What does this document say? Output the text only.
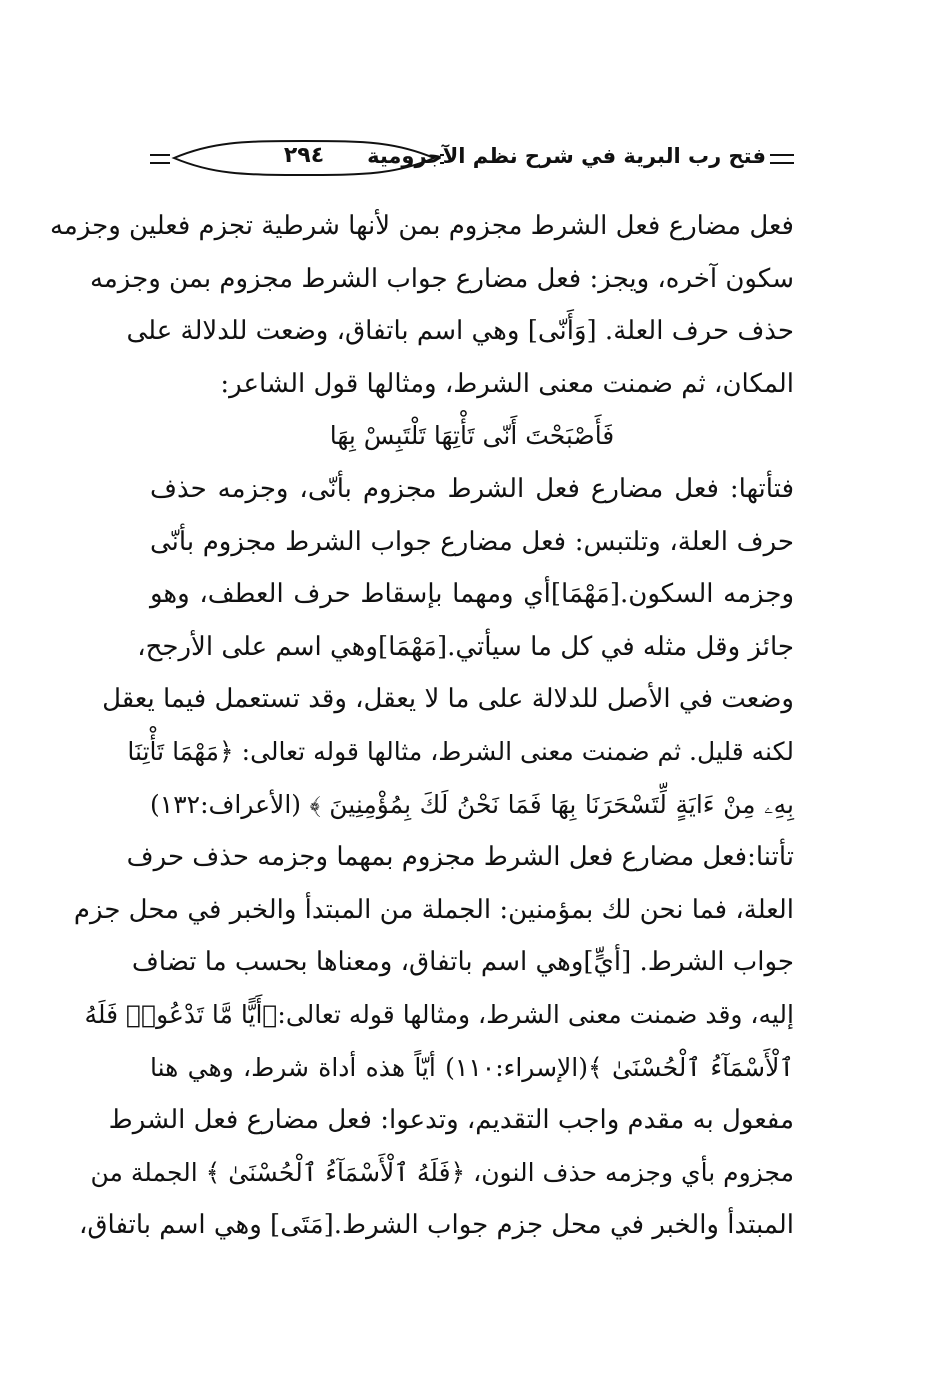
فتح رب البرية في شرح نظم الآجرومية
٢٩٤
فعل مضارع فعل الشرط مجزوم بمن لأنها شرطية تجزم فعلين وجزمه
سكون آخره، ويجز: فعل مضارع جواب الشرط مجزوم بمن وجزمه
حذف حرف العلة. [وَأَنّى] وهي اسم باتفاق، وضعت للدلالة على
المكان، ثم ضمنت معنى الشرط، ومثالها قول الشاعر:
فَأَصْبَحْتَ أَنّى تَأْتِهَا تَلْتَبِسْ بِهَا
فتأتها: فعل مضارع فعل الشرط مجزوم بأنّى، وجزمه حذف
حرف العلة، وتلتبس: فعل مضارع جواب الشرط مجزوم بأنّى
وجزمه السكون.[مَهْمَا]أي ومهما بإسقاط حرف العطف، وهو
جائز وقل مثله في كل ما سيأتي.[مَهْمَا]وهي اسم على الأرجح،
وضعت في الأصل للدلالة على ما لا يعقل، وقد تستعمل فيما يعقل
لكنه قليل. ثم ضمنت معنى الشرط، مثالها قوله تعالى: ﴿مَهْمَا تَأْتِنَا
بِهِۦ مِنْ ءَايَةٍ لِّتَسْحَرَنَا بِهَا فَمَا نَحْنُ لَكَ بِمُؤْمِنِينَ ﴾ (الأعراف:١٣٢)
تأتنا:فعل مضارع فعل الشرط مجزوم بمهما وجزمه حذف حرف
العلة، فما نحن لك بمؤمنين: الجملة من المبتدأ والخبر في محل جزم
جواب الشرط. [أيٍّ]وهي اسم باتفاق، ومعناها بحسب ما تضاف
إليه، وقد ضمنت معنى الشرط، ومثالها قوله تعالى:﴿أَيًّا مَّا تَدْعُوا۟ فَلَهُ
ٱلْأَسْمَآءُ ٱلْحُسْنَىٰ ﴾(الإسراء:١١٠) أيّاً هذه أداة شرط، وهي هنا
مفعول به مقدم واجب التقديم، وتدعوا: فعل مضارع فعل الشرط
مجزوم بأي وجزمه حذف النون، ﴿فَلَهُ ٱلْأَسْمَآءُ ٱلْحُسْنَىٰ ﴾ الجملة من
المبتدأ والخبر في محل جزم جواب الشرط.[مَتَى] وهي اسم باتفاق،
